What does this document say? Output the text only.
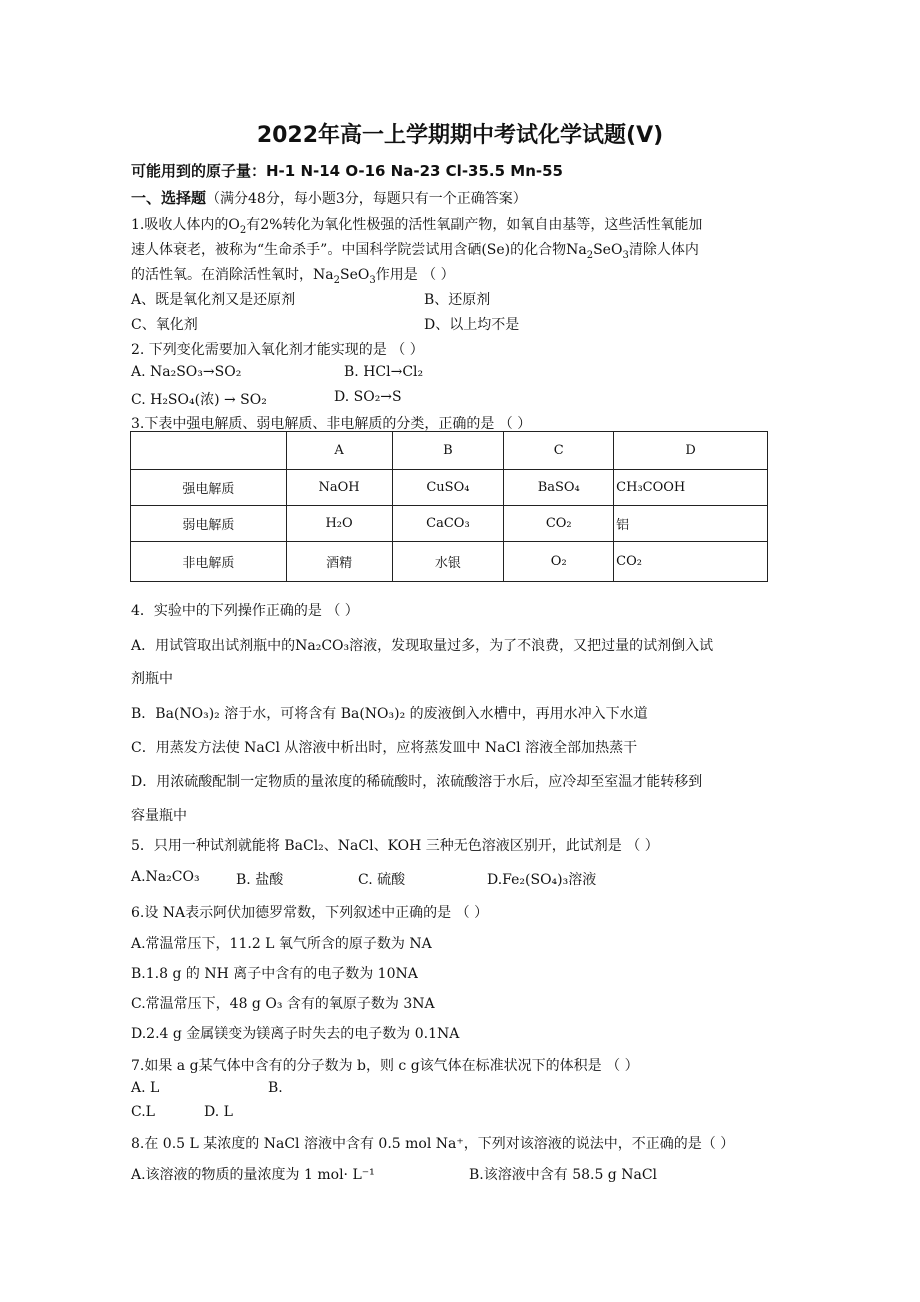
2022年高一上学期期中考试化学试题(V)
可能用到的原子量：H-1 N-14 O-16 Na-23 Cl-35.5 Mn-55
一、选择题（满分48分，每小题3分，每题只有一个正确答案）
1.吸收人体内的$O_2$有2%转化为氧化性极强的活性氧副产物，如氧自由基等，这些活性氧能加
速人体衰老，被称为“生命杀手”。中国科学院尝试用含硒(Se)的化合物$Na_2SeO_3$清除人体内
的活性氧。在消除活性氧时，$Na_2SeO_3$作用是 （ ）
A、既是氧化剂又是还原剂	B、还原剂
C、氧化剂	D、以上均不是
2. 下列变化需要加入氧化剂才能实现的是 （ ）
A. Na₂SO₃→SO₂	B. HCl→Cl₂
C. H₂SO₄(浓) → SO₂	D. SO₂→S
3.下表中强电解质、弱电解质、非电解质的分类，正确的是 （ ）
	A	B	C	D
强电解质	NaOH	CuSO₄	BaSO₄	CH₃COOH
弱电解质	H₂O	CaCO₃	CO₂	铝
非电解质	酒精	水银	O₂	CO₂
4．实验中的下列操作正确的是 （ ）
A．用试管取出试剂瓶中的Na₂CO₃溶液，发现取量过多，为了不浪费，又把过量的试剂倒入试
剂瓶中
B．Ba(NO₃)₂ 溶于水，可将含有 Ba(NO₃)₂ 的废液倒入水槽中，再用水冲入下水道
C．用蒸发方法使 NaCl 从溶液中析出时，应将蒸发皿中 NaCl 溶液全部加热蒸干
D．用浓硫酸配制一定物质的量浓度的稀硫酸时，浓硫酸溶于水后，应冷却至室温才能转移到
容量瓶中
5．只用一种试剂就能将 BaCl₂、NaCl、KOH 三种无色溶液区别开，此试剂是 （ ）
A.Na₂CO₃	B. 盐酸	C. 硫酸	D.Fe₂(SO₄)₃溶液
6.设 NA表示阿伏加德罗常数，下列叙述中正确的是 （ ）
A.常温常压下，11.2 L 氧气所含的原子数为 NA
B.1.8 g 的 NH 离子中含有的电子数为 10NA
C.常温常压下，48 g O₃ 含有的氧原子数为 3NA
D.2.4 g 金属镁变为镁离子时失去的电子数为 0.1NA
7.如果 a g某气体中含有的分子数为 b，则 c g该气体在标准状况下的体积是 （ ）
A. L	B.
C.L	D. L
8.在 0.5 L 某浓度的 NaCl 溶液中含有 0.5 mol Na⁺，下列对该溶液的说法中，不正确的是（ ）
A.该溶液的物质的量浓度为 1 mol· L⁻¹	B.该溶液中含有 58.5 g NaCl
